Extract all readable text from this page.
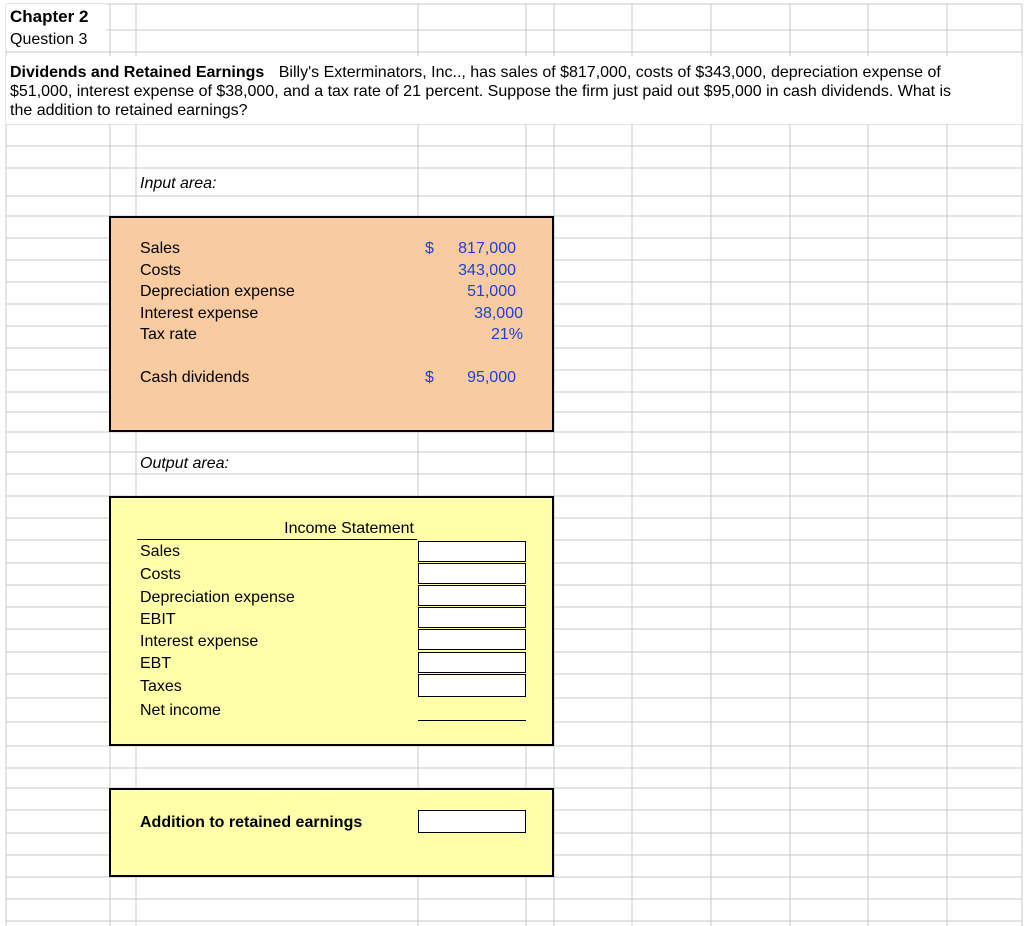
Chapter 2
Question 3
Dividends and Retained Earnings Billy's Exterminators, Inc.., has sales of $817,000, costs of $343,000, depreciation expense of
$51,000, interest expense of $38,000, and a tax rate of 21 percent. Suppose the firm just paid out $95,000 in cash dividends. What is
the addition to retained earnings?
Input area:
Sales
Costs
Depreciation expense
Interest expense
Tax rate
Cash dividends
$	817,000
343,000
51,000
38,000
21%
$	95,000
Output area:
Income Statement
Sales
Costs
Depreciation expense
EBIT
Interest expense
EBT
Taxes
Net income
Addition to retained earnings
